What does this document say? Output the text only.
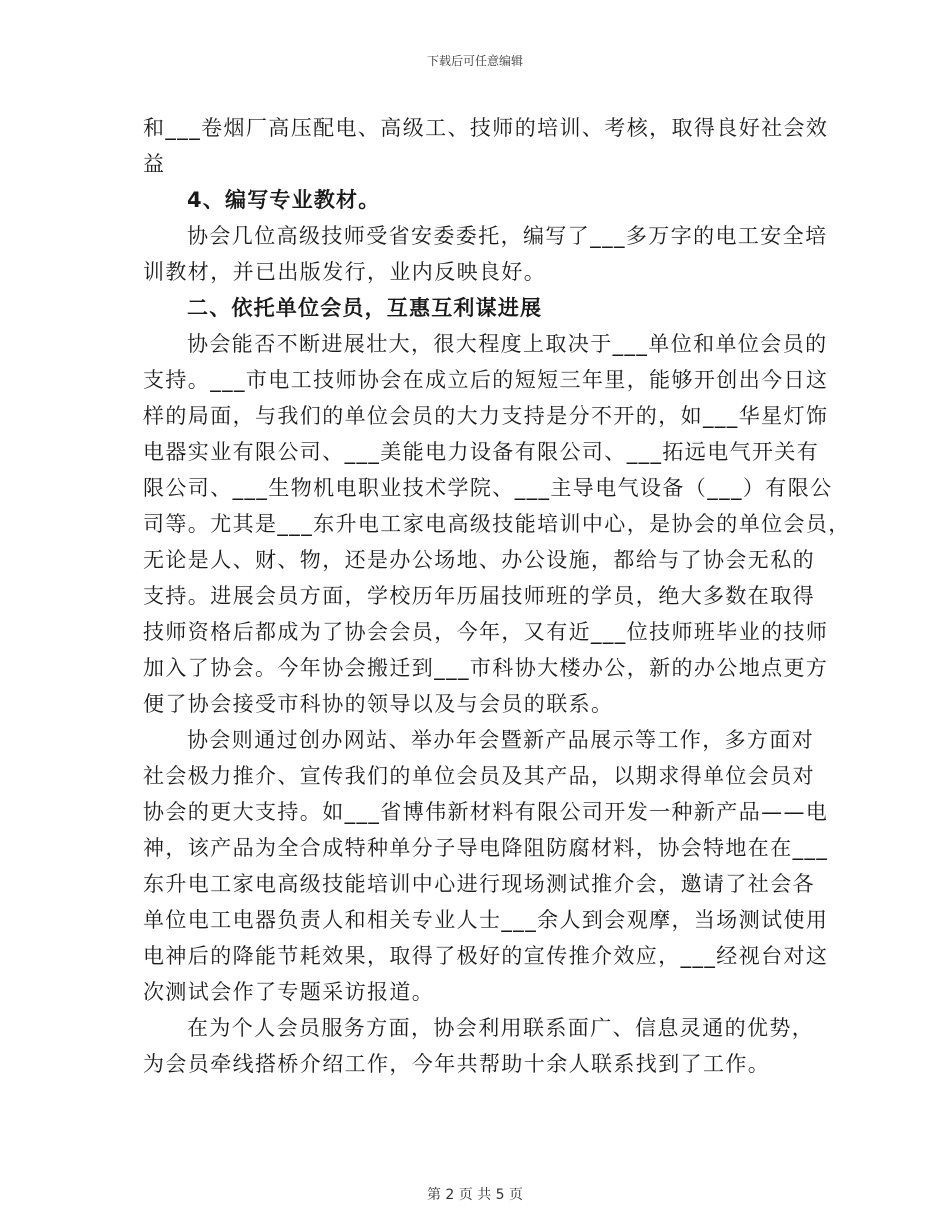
下载后可任意编辑
和___卷烟厂高压配电、高级工、技师的培训、考核，取得良好社会效
益
4、编写专业教材。
协会几位高级技师受省安委委托，编写了___多万字的电工安全培
训教材，并已出版发行，业内反映良好。
二、依托单位会员，互惠互利谋进展
协会能否不断进展壮大，很大程度上取决于___单位和单位会员的
支持。___市电工技师协会在成立后的短短三年里，能够开创出今日这
样的局面，与我们的单位会员的大力支持是分不开的，如___华星灯饰
电器实业有限公司、___美能电力设备有限公司、___拓远电气开关有
限公司、___生物机电职业技术学院、___主导电气设备（___）有限公
司等。尤其是___东升电工家电高级技能培训中心，是协会的单位会员，
无论是人、财、物，还是办公场地、办公设施，都给与了协会无私的
支持。进展会员方面，学校历年历届技师班的学员，绝大多数在取得
技师资格后都成为了协会会员，今年，又有近___位技师班毕业的技师
加入了协会。今年协会搬迁到___市科协大楼办公，新的办公地点更方
便了协会接受市科协的领导以及与会员的联系。
协会则通过创办网站、举办年会暨新产品展示等工作，多方面对
社会极力推介、宣传我们的单位会员及其产品，以期求得单位会员对
协会的更大支持。如___省博伟新材料有限公司开发一种新产品——电
神，该产品为全合成特种单分子导电降阻防腐材料，协会特地在在___
东升电工家电高级技能培训中心进行现场测试推介会，邀请了社会各
单位电工电器负责人和相关专业人士___余人到会观摩，当场测试使用
电神后的降能节耗效果，取得了极好的宣传推介效应，___经视台对这
次测试会作了专题采访报道。
在为个人会员服务方面，协会利用联系面广、信息灵通的优势，
为会员牵线搭桥介绍工作，今年共帮助十余人联系找到了工作。
第 2 页 共 5 页
